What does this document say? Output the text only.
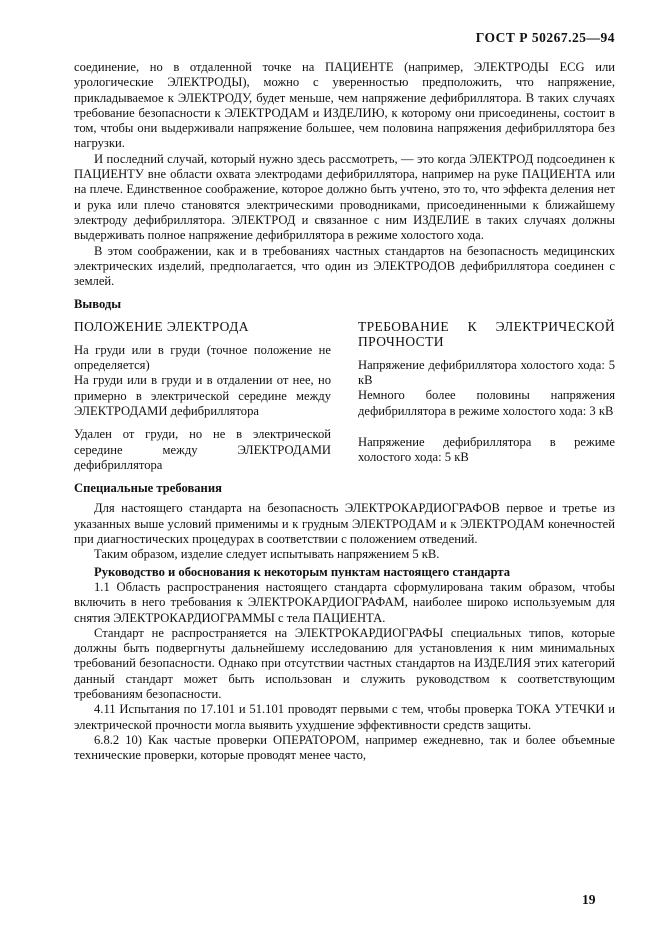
ГОСТ Р 50267.25—94

соединение, но в отдаленной точке на ПАЦИЕНТЕ (например, ЭЛЕКТРОДЫ ECG или урологические ЭЛЕКТРОДЫ), можно с уверенностью предположить, что напряжение, прикладываемое к ЭЛЕКТРОДУ, будет меньше, чем напряжение дефибриллятора. В таких случаях требование безопасности к ЭЛЕКТРОДАМ и ИЗДЕЛИЮ, к которому они присоединены, состоит в том, чтобы они выдерживали напряжение большее, чем половина напряжения дефибриллятора без нагрузки.

И последний случай, который нужно здесь рассмотреть, — это когда ЭЛЕКТРОД подсоединен к ПАЦИЕНТУ вне области охвата электродами дефибриллятора, например на руке ПАЦИЕНТА или на плече. Единственное соображение, которое должно быть учтено, это то, что эффекта деления нет и рука или плечо становятся электрическими проводниками, присоединенными к ближайшему электроду дефибриллятора. ЭЛЕКТРОД и связанное с ним ИЗДЕЛИЕ в таких случаях должны выдерживать полное напряжение дефибриллятора в режиме холостого хода.

В этом соображении, как и в требованиях частных стандартов на безопасность медицинских электрических изделий, предполагается, что один из ЭЛЕКТРОДОВ дефибриллятора соединен с землей.

Выводы
ПОЛОЖЕНИЕ ЭЛЕКТРОДА

На груди или в груди (точное положение не определяется)

На груди или в груди и в отдалении от нее, но примерно в электрической середине между ЭЛЕКТРОДАМИ дефибриллятора

Удален от груди, но не в электрической середине между ЭЛЕКТРОДАМИ дефибриллятора

ТРЕБОВАНИЕ К ЭЛЕКТРИЧЕСКОЙ ПРОЧНОСТИ

Напряжение дефибриллятора холостого хода: 5 кВ

Немного более половины напряжения дефибриллятора в режиме холостого хода: 3 кВ

Напряжение дефибриллятора в режиме холостого хода: 5 кВ

Специальные требования

Для настоящего стандарта на безопасность ЭЛЕКТРОКАРДИОГРАФОВ первое и третье из указанных выше условий применимы и к грудным ЭЛЕКТРОДАМ и к ЭЛЕКТРОДАМ конечностей при диагностических процедурах в соответствии с положением отведений.

Таким образом, изделие следует испытывать напряжением 5 кВ.

Руководство и обоснования к некоторым пунктам настоящего стандарта

1.1 Область распространения настоящего стандарта сформулирована таким образом, чтобы включить в него требования к ЭЛЕКТРОКАРДИОГРАФАМ, наиболее широко используемым для снятия ЭЛЕКТРОКАРДИОГРАММЫ с тела ПАЦИЕНТА.

Стандарт не распространяется на ЭЛЕКТРОКАРДИОГРАФЫ специальных типов, которые должны быть подвергнуты дальнейшему исследованию для установления к ним минимальных требований безопасности. Однако при отсутствии частных стандартов на ИЗДЕЛИЯ этих категорий данный стандарт может быть использован и служить руководством к соответствующим требованиям безопасности.

4.11 Испытания по 17.101 и 51.101 проводят первыми с тем, чтобы проверка ТОКА УТЕЧКИ и электрической прочности могла выявить ухудшение эффективности средств защиты.

6.8.2 10) Как частые проверки ОПЕРАТОРОМ, например ежедневно, так и более объемные технические проверки, которые проводят менее часто,

19
